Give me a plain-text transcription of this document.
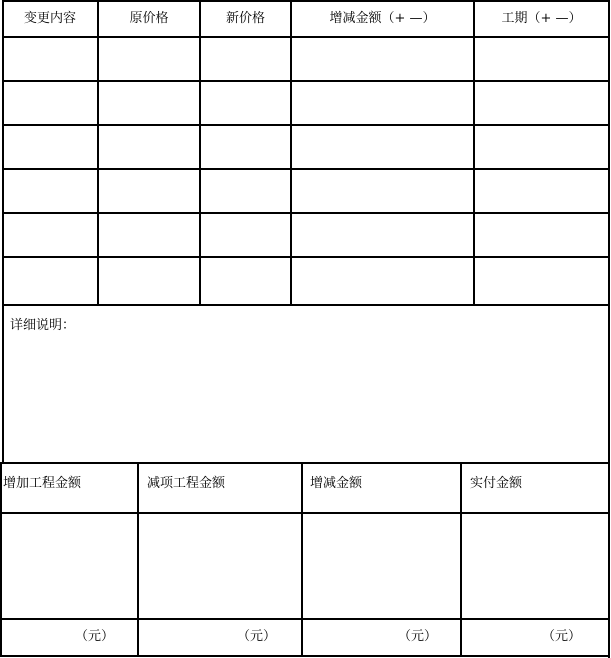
变更内容	原价格	新价格	增减金额（+ —）	工期（+ —）
详细说明：
增加工程金额	减项工程金额	增减金额	实付金额
（元）	（元）	（元）	（元）
